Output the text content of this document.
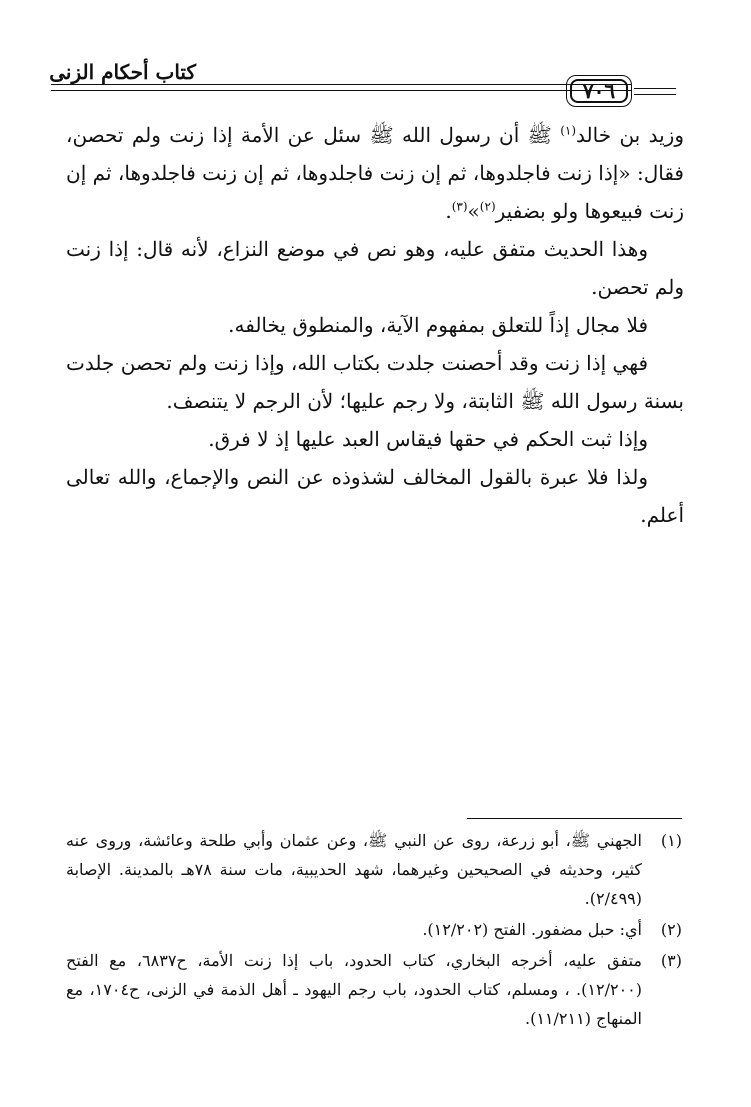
كتاب أحكام الزنى
٧٠٦

وزيد بن خالد$^{(١)}$ ﷺ أن رسول الله ﷺ سئل عن الأمة إذا زنت ولم تحصن، فقال: «إذا زنت فاجلدوها، ثم إن زنت فاجلدوها، ثم إن زنت فاجلدوها، ثم إن زنت فبيعوها ولو بضفير$^{(٢)}$»$^{(٣)}$.

وهذا الحديث متفق عليه، وهو نص في موضع النزاع، لأنه قال: إذا زنت ولم تحصن.

فلا مجال إذاً للتعلق بمفهوم الآية، والمنطوق يخالفه.

فهي إذا زنت وقد أحصنت جلدت بكتاب الله، وإذا زنت ولم تحصن جلدت بسنة رسول الله ﷺ الثابتة، ولا رجم عليها؛ لأن الرجم لا يتنصف.

وإذا ثبت الحكم في حقها فيقاس العبد عليها إذ لا فرق.

ولذا فلا عبرة بالقول المخالف لشذوذه عن النص والإجماع، والله تعالى أعلم.

(١)
الجهني ﷺ، أبو زرعة، روى عن النبي ﷺ، وعن عثمان وأبي طلحة وعائشة، وروى عنه كثير، وحديثه في الصحيحين وغيرهما، شهد الحديبية، مات سنة ٧٨هـ بالمدينة. الإصابة (٢/٤٩٩).

(٢)
أي: حبل مضفور. الفتح (١٢/٢٠٢).

(٣)
متفق عليه، أخرجه البخاري، كتاب الحدود، باب إذا زنت الأمة، ح٦٨٣٧، مع الفتح (١٢/٢٠٠). ، ومسلم، كتاب الحدود، باب رجم اليهود ـ أهل الذمة في الزنى، ح١٧٠٤، مع المنهاج (١١/٢١١).
